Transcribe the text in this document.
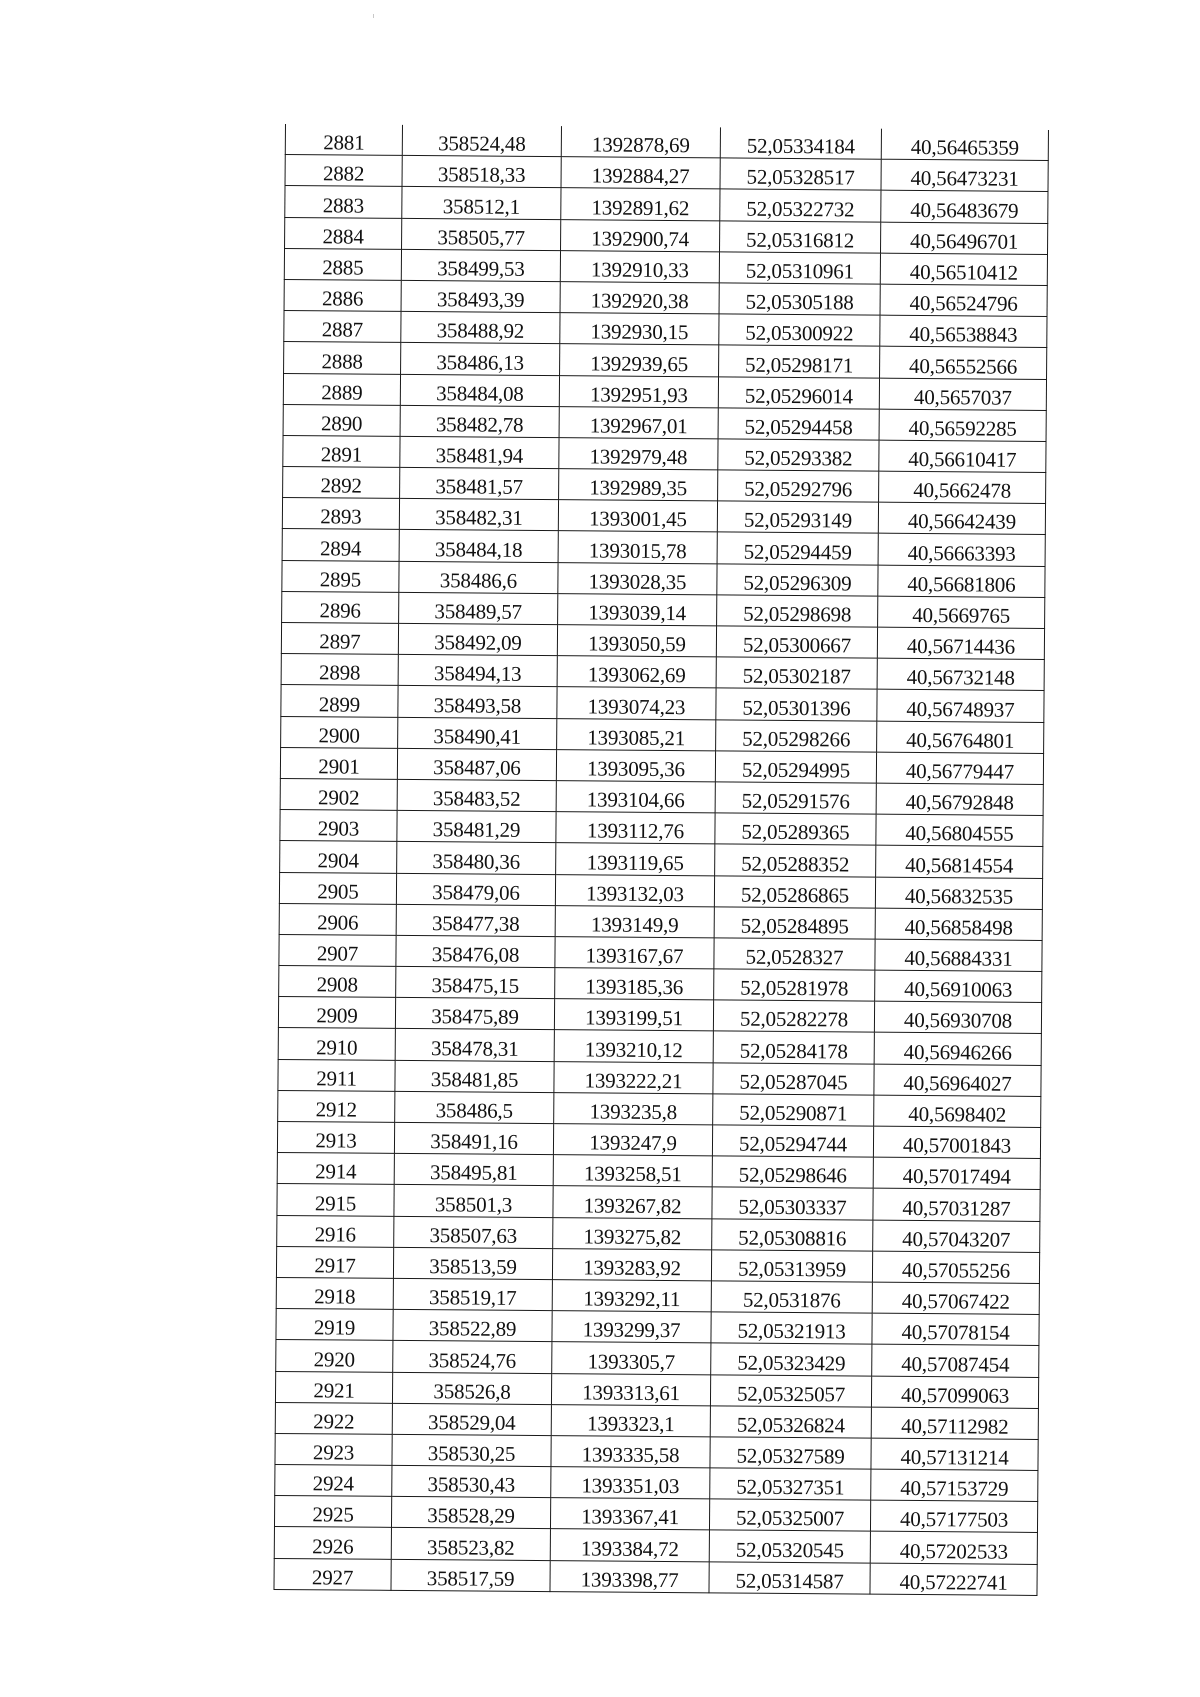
2881	358524,48	1392878,69	52,05334184	40,56465359
2882	358518,33	1392884,27	52,05328517	40,56473231
2883	358512,1	1392891,62	52,05322732	40,56483679
2884	358505,77	1392900,74	52,05316812	40,56496701
2885	358499,53	1392910,33	52,05310961	40,56510412
2886	358493,39	1392920,38	52,05305188	40,56524796
2887	358488,92	1392930,15	52,05300922	40,56538843
2888	358486,13	1392939,65	52,05298171	40,56552566
2889	358484,08	1392951,93	52,05296014	40,5657037
2890	358482,78	1392967,01	52,05294458	40,56592285
2891	358481,94	1392979,48	52,05293382	40,56610417
2892	358481,57	1392989,35	52,05292796	40,5662478
2893	358482,31	1393001,45	52,05293149	40,56642439
2894	358484,18	1393015,78	52,05294459	40,56663393
2895	358486,6	1393028,35	52,05296309	40,56681806
2896	358489,57	1393039,14	52,05298698	40,5669765
2897	358492,09	1393050,59	52,05300667	40,56714436
2898	358494,13	1393062,69	52,05302187	40,56732148
2899	358493,58	1393074,23	52,05301396	40,56748937
2900	358490,41	1393085,21	52,05298266	40,56764801
2901	358487,06	1393095,36	52,05294995	40,56779447
2902	358483,52	1393104,66	52,05291576	40,56792848
2903	358481,29	1393112,76	52,05289365	40,56804555
2904	358480,36	1393119,65	52,05288352	40,56814554
2905	358479,06	1393132,03	52,05286865	40,56832535
2906	358477,38	1393149,9	52,05284895	40,56858498
2907	358476,08	1393167,67	52,0528327	40,56884331
2908	358475,15	1393185,36	52,05281978	40,56910063
2909	358475,89	1393199,51	52,05282278	40,56930708
2910	358478,31	1393210,12	52,05284178	40,56946266
2911	358481,85	1393222,21	52,05287045	40,56964027
2912	358486,5	1393235,8	52,05290871	40,5698402
2913	358491,16	1393247,9	52,05294744	40,57001843
2914	358495,81	1393258,51	52,05298646	40,57017494
2915	358501,3	1393267,82	52,05303337	40,57031287
2916	358507,63	1393275,82	52,05308816	40,57043207
2917	358513,59	1393283,92	52,05313959	40,57055256
2918	358519,17	1393292,11	52,0531876	40,57067422
2919	358522,89	1393299,37	52,05321913	40,57078154
2920	358524,76	1393305,7	52,05323429	40,57087454
2921	358526,8	1393313,61	52,05325057	40,57099063
2922	358529,04	1393323,1	52,05326824	40,57112982
2923	358530,25	1393335,58	52,05327589	40,57131214
2924	358530,43	1393351,03	52,05327351	40,57153729
2925	358528,29	1393367,41	52,05325007	40,57177503
2926	358523,82	1393384,72	52,05320545	40,57202533
2927	358517,59	1393398,77	52,05314587	40,57222741
